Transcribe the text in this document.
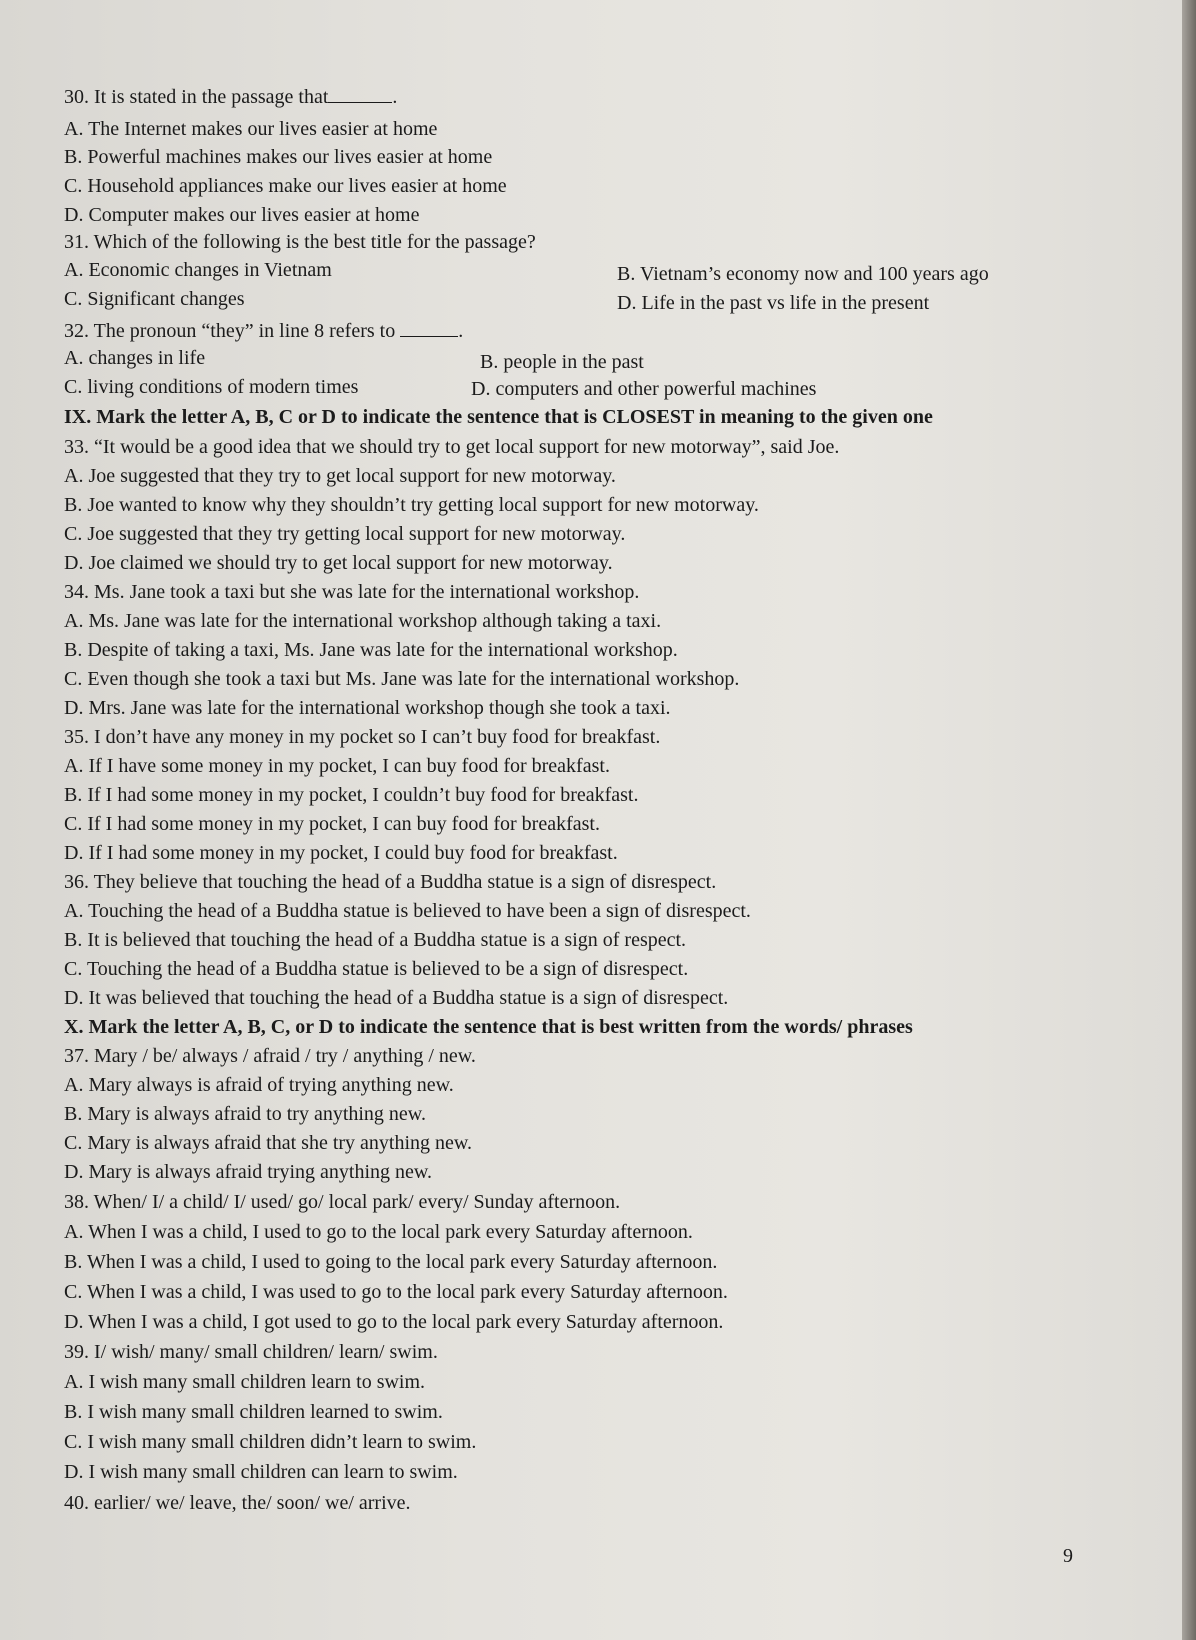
30. It is stated in the passage that	.
A. The Internet makes our lives easier at home
B. Powerful machines makes our lives easier at home
C. Household appliances make our lives easier at home
D. Computer makes our lives easier at home
31. Which of the following is the best title for the passage?
A. Economic changes in Vietnam	B. Vietnam’s economy now and 100 years ago
C. Significant changes	D. Life in the past vs life in the present
32. The pronoun “they” in line 8 refers to	.
A. changes in life	B. people in the past
C. living conditions of modern times	D. computers and other powerful machines
IX. Mark the letter A, B, C or D to indicate the sentence that is CLOSEST in meaning to the given one
33. “It would be a good idea that we should try to get local support for new motorway”, said Joe.
A. Joe suggested that they try to get local support for new motorway.
B. Joe wanted to know why they shouldn’t try getting local support for new motorway.
C. Joe suggested that they try getting local support for new motorway.
D. Joe claimed we should try to get local support for new motorway.
34. Ms. Jane took a taxi but she was late for the international workshop.
A. Ms. Jane was late for the international workshop although taking a taxi.
B. Despite of taking a taxi, Ms. Jane was late for the international workshop.
C. Even though she took a taxi but Ms. Jane was late for the international workshop.
D. Mrs. Jane was late for the international workshop though she took a taxi.
35. I don’t have any money in my pocket so I can’t buy food for breakfast.
A. If I have some money in my pocket, I can buy food for breakfast.
B. If I had some money in my pocket, I couldn’t buy food for breakfast.
C. If I had some money in my pocket, I can buy food for breakfast.
D. If I had some money in my pocket, I could buy food for breakfast.
36. They believe that touching the head of a Buddha statue is a sign of disrespect.
A. Touching the head of a Buddha statue is believed to have been a sign of disrespect.
B. It is believed that touching the head of a Buddha statue is a sign of respect.
C. Touching the head of a Buddha statue is believed to be a sign of disrespect.
D. It was believed that touching the head of a Buddha statue is a sign of disrespect.
X. Mark the letter A, B, C, or D to indicate the sentence that is best written from the words/ phrases
37. Mary / be/ always / afraid / try / anything / new.
A. Mary always is afraid of trying anything new.
B. Mary is always afraid to try anything new.
C. Mary is always afraid that she try anything new.
D. Mary is always afraid trying anything new.
38. When/ I/ a child/ I/ used/ go/ local park/ every/ Sunday afternoon.
A. When I was a child, I used to go to the local park every Saturday afternoon.
B. When I was a child, I used to going to the local park every Saturday afternoon.
C. When I was a child, I was used to go to the local park every Saturday afternoon.
D. When I was a child, I got used to go to the local park every Saturday afternoon.
39. I/ wish/ many/ small children/ learn/ swim.
A. I wish many small children learn to swim.
B. I wish many small children learned to swim.
C. I wish many small children didn’t learn to swim.
D. I wish many small children can learn to swim.
40. earlier/ we/ leave, the/ soon/ we/ arrive.
9
